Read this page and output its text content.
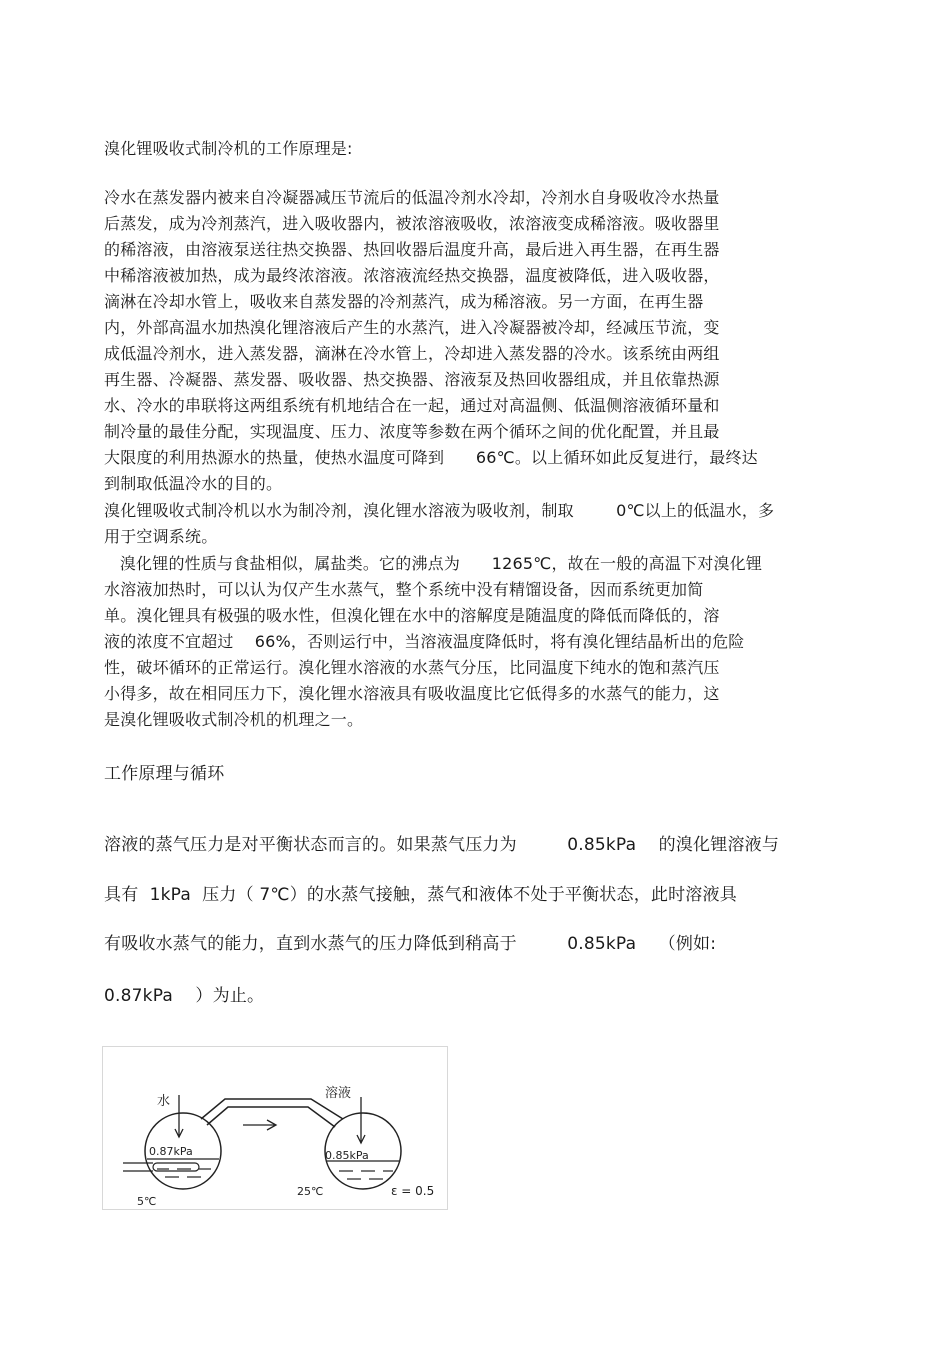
溴化锂吸收式制冷机的工作原理是:
冷水在蒸发器内被来自冷凝器减压节流后的低温冷剂水冷却，冷剂水自身吸收冷水热量
后蒸发，成为冷剂蒸汽，进入吸收器内，被浓溶液吸收，浓溶液变成稀溶液。吸收器里
的稀溶液，由溶液泵送往热交换器、热回收器后温度升高，最后进入再生器，在再生器
中稀溶液被加热，成为最终浓溶液。浓溶液流经热交换器，温度被降低，进入吸收器，
滴淋在冷却水管上，吸收来自蒸发器的冷剂蒸汽，成为稀溶液。另一方面，在再生器
内，外部高温水加热溴化锂溶液后产生的水蒸汽，进入冷凝器被冷却，经减压节流，变
成低温冷剂水，进入蒸发器，滴淋在冷水管上，冷却进入蒸发器的冷水。该系统由两组
再生器、冷凝器、蒸发器、吸收器、热交换器、溶液泵及热回收器组成，并且依靠热源
水、冷水的串联将这两组系统有机地结合在一起，通过对高温侧、低温侧溶液循环量和
制冷量的最佳分配，实现温度、压力、浓度等参数在两个循环之间的优化配置，并且最
大限度的利用热源水的热量，使热水温度可降到      66℃。以上循环如此反复进行，最终达
到制取低温冷水的目的。
溴化锂吸收式制冷机以水为制冷剂，溴化锂水溶液为吸收剂，制取        0℃以上的低温水，多
用于空调系统。
溴化锂的性质与食盐相似，属盐类。它的沸点为      1265℃，故在一般的高温下对溴化锂
水溶液加热时，可以认为仅产生水蒸气，整个系统中没有精馏设备，因而系统更加简
单。溴化锂具有极强的吸水性，但溴化锂在水中的溶解度是随温度的降低而降低的，溶
液的浓度不宜超过    66%，否则运行中，当溶液温度降低时，将有溴化锂结晶析出的危险
性，破坏循环的正常运行。溴化锂水溶液的水蒸气分压，比同温度下纯水的饱和蒸汽压
小得多，故在相同压力下，溴化锂水溶液具有吸收温度比它低得多的水蒸气的能力，这
是溴化锂吸收式制冷机的机理之一。
工作原理与循环
溶液的蒸气压力是对平衡状态而言的。如果蒸气压力为         0.85kPa    的溴化锂溶液与
具有  1kPa  压力（ 7℃）的水蒸气接触，蒸气和液体不处于平衡状态，此时溶液具
有吸收水蒸气的能力，直到水蒸气的压力降低到稍高于         0.85kPa    （例如:
0.87kPa    ）为止。
水
溶液
0.87kPa	0.85kPa
5℃
25℃	ε = 0.5
